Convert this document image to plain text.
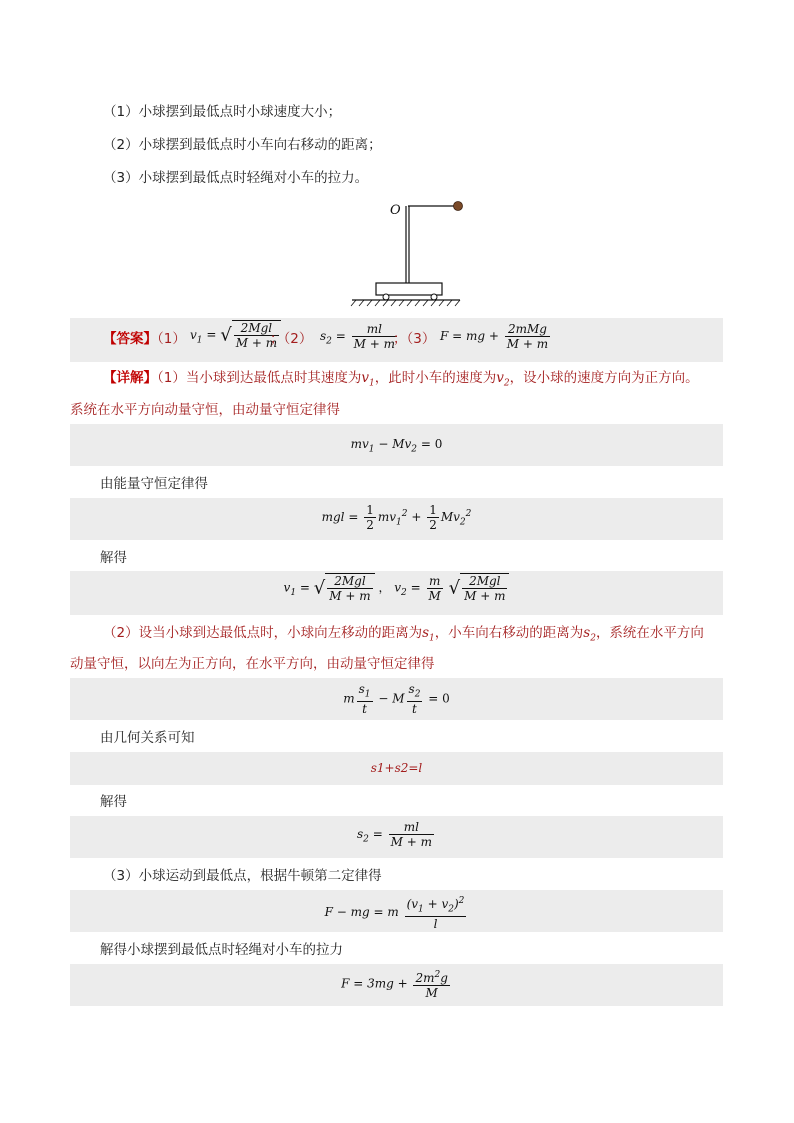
（1）小球摆到最低点时小球速度大小；
（2）小球摆到最低点时小车向右移动的距离；
（3）小球摆到最低点时轻绳对小车的拉力。
O
【答案】（1） $v_1$ = √ $\frac{\text{2Mgl}}{M + m}$
；（2） $s_2 = \frac{ml}{M + m}$
；（3） F = mg + $\frac{\text{2mMg}}{M + m}$
【详解】（1）当小球到达最低点时其速度为$v_1$，此时小车的速度为$v_2$，设小球的速度方向为正方向。
系统在水平方向动量守恒，由动量守恒定律得
$mv_1 - Mv_2 = 0$
由能量守恒定律得
mgl = $\frac{1}{2} mv_1^2 + \frac{1}{2} Mv_2^2$
解得
$v_1$ = √ $\frac{\text{2Mgl}}{M + m}$ ， $v_2 = \frac{m}{M}$ √ $\frac{\text{2Mgl}}{M + m}$
（2）设当小球到达最低点时，小球向左移动的距离为$s_1$，小车向右移动的距离为$s_2$，系统在水平方向
动量守恒，以向左为正方向，在水平方向，由动量守恒定律得
m $\frac{s_1}{t} - M \frac{s_2}{t} = 0$
由几何关系可知
s1+s2=l
解得
$s_2 = \frac{ml}{M + m}$
（3）小球运动到最低点，根据牛顿第二定律得
F − mg = m $\frac{(v_1 + v_2)^2}{l}$
解得小球摆到最低点时轻绳对小车的拉力
$F = 3mg + \frac{2m^2g}{M}$
